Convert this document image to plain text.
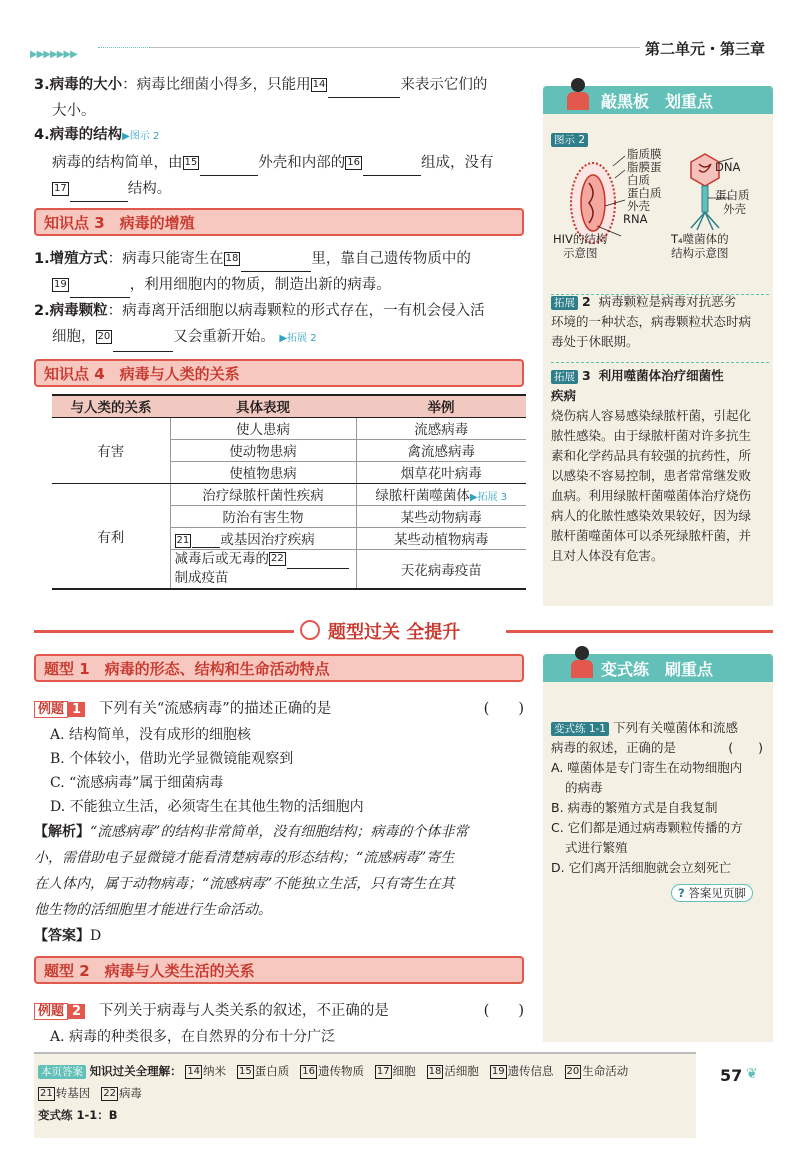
▶▶▶▶▶▶▶	第二单元・第三章
3.病毒的大小：病毒比细菌小得多，只能用 14	来表示它们的
大小。
4.病毒的结构▶图示 2
病毒的结构简单，由 15	外壳和内部的 16	组成，没有
17	结构。
知识点 3　病毒的增殖
1.增殖方式：病毒只能寄生在 18	里，靠自己遗传物质中的
19	，利用细胞内的物质，制造出新的病毒。
2.病毒颗粒：病毒离开活细胞以病毒颗粒的形式存在，一有机会侵入活
细胞， 20	又会重新开始。 ▶拓展 2
知识点 4　病毒与人类的关系
与人类的关系	具体表现	举例
有害	使人患病	流感病毒
	使动物患病	禽流感病毒
	使植物患病	烟草花叶病毒
有利	治疗绿脓杆菌性疾病	绿脓杆菌噬菌体▶拓展 3
	防治有害生物	某些动物病毒
	21 或基因治疗疾病	某些动植物病毒
	减毒后或无毒的 22
制成疫苗	天花病毒疫苗
敲黑板　划重点
图示 2
脂质膜
脂膜蛋
白质
蛋白质
外壳
RNA
HIV的结构
示意图
DNA
蛋白质
外壳
T₄噬菌体的
结构示意图

拓展 2 病毒颗粒是病毒对抗恶劣

环境的一种状态，病毒颗粒状态时病

毒处于休眠期。

拓展 3 利用噬菌体治疗细菌性

疾病

烧伤病人容易感染绿脓杆菌，引起化

脓性感染。由于绿脓杆菌对许多抗生

素和化学药品具有较强的抗药性，所

以感染不容易控制，患者常常继发败

血病。利用绿脓杆菌噬菌体治疗烧伤

病人的化脓性感染效果较好，因为绿

脓杆菌噬菌体可以杀死绿脓杆菌，并

且对人体没有危害。

题型过关 全提升
题型 1　病毒的形态、结构和生命活动特点
例题 1 下列有关“流感病毒”的描述正确的是	(　　)
A. 结构简单，没有成形的细胞核
B. 个体较小，借助光学显微镜能观察到
C. “流感病毒”属于细菌病毒
D. 不能独立生活，必须寄生在其他生物的活细胞内
【解析】“流感病毒”的结构非常简单，没有细胞结构；病毒的个体非常
小，需借助电子显微镜才能看清楚病毒的形态结构；“流感病毒”寄生
在人体内，属于动物病毒；“流感病毒”不能独立生活，只有寄生在其
他生物的活细胞里才能进行生命活动。
【答案】D
题型 2　病毒与人类生活的关系
例题 2 下列关于病毒与人类关系的叙述，不正确的是	(　　)
A. 病毒的种类很多，在自然界的分布十分广泛
变式练　刷重点

变式练 1-1 下列有关噬菌体和流感

病毒的叙述，正确的是	(　　)

A. 噬菌体是专门寄生在动物细胞内

的病毒

B. 病毒的繁殖方式是自我复制

C. 它们都是通过病毒颗粒传播的方

式进行繁殖

D. 它们离开活细胞就会立刻死亡

? 答案见页脚
本页答案 知识过关全理解： 14 纳米 15 蛋白质 16 遗传物质 17 细胞 18 活细胞 19 遗传信息 20 生命活动
21 转基因 22 病毒
变式练 1-1：B
57 ❦
